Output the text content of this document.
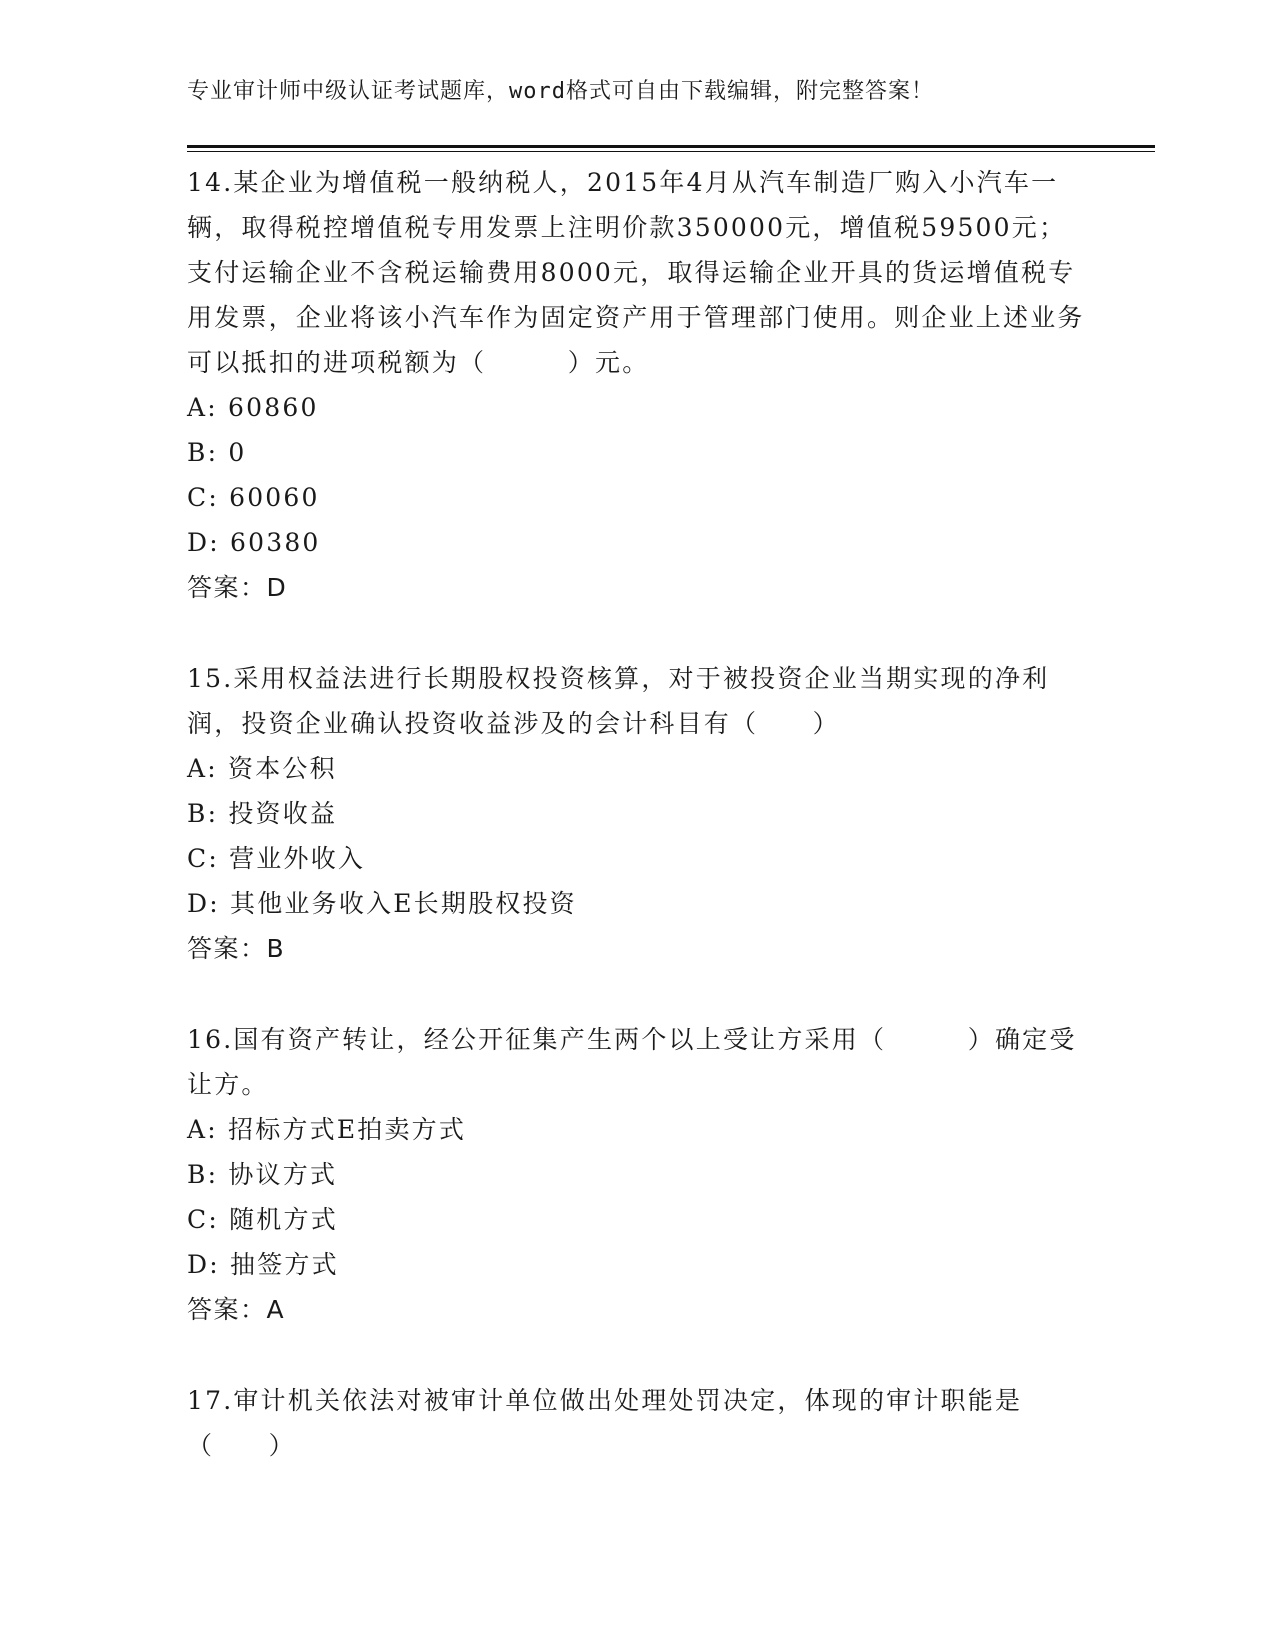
专业审计师中级认证考试题库，word格式可自由下载编辑，附完整答案！

14.某企业为增值税一般纳税人，2015年4月从汽车制造厂购入小汽车一辆，取得税控增值税专用发票上注明价款350000元，增值税59500元；支付运输企业不含税运输费用8000元，取得运输企业开具的货运增值税专用发票，企业将该小汽车作为固定资产用于管理部门使用。则企业上述业务可以抵扣的进项税额为（　　　）元。

A: 60860

B: 0

C: 60060

D: 60380

答案：D

15.采用权益法进行长期股权投资核算，对于被投资企业当期实现的净利润，投资企业确认投资收益涉及的会计科目有（　　）

A: 资本公积

B: 投资收益

C: 营业外收入

D: 其他业务收入E长期股权投资

答案：B

16.国有资产转让，经公开征集产生两个以上受让方采用（　　　）确定受让方。

A: 招标方式E拍卖方式

B: 协议方式

C: 随机方式

D: 抽签方式

答案：A

17.审计机关依法对被审计单位做出处理处罚决定，体现的审计职能是（　　）
